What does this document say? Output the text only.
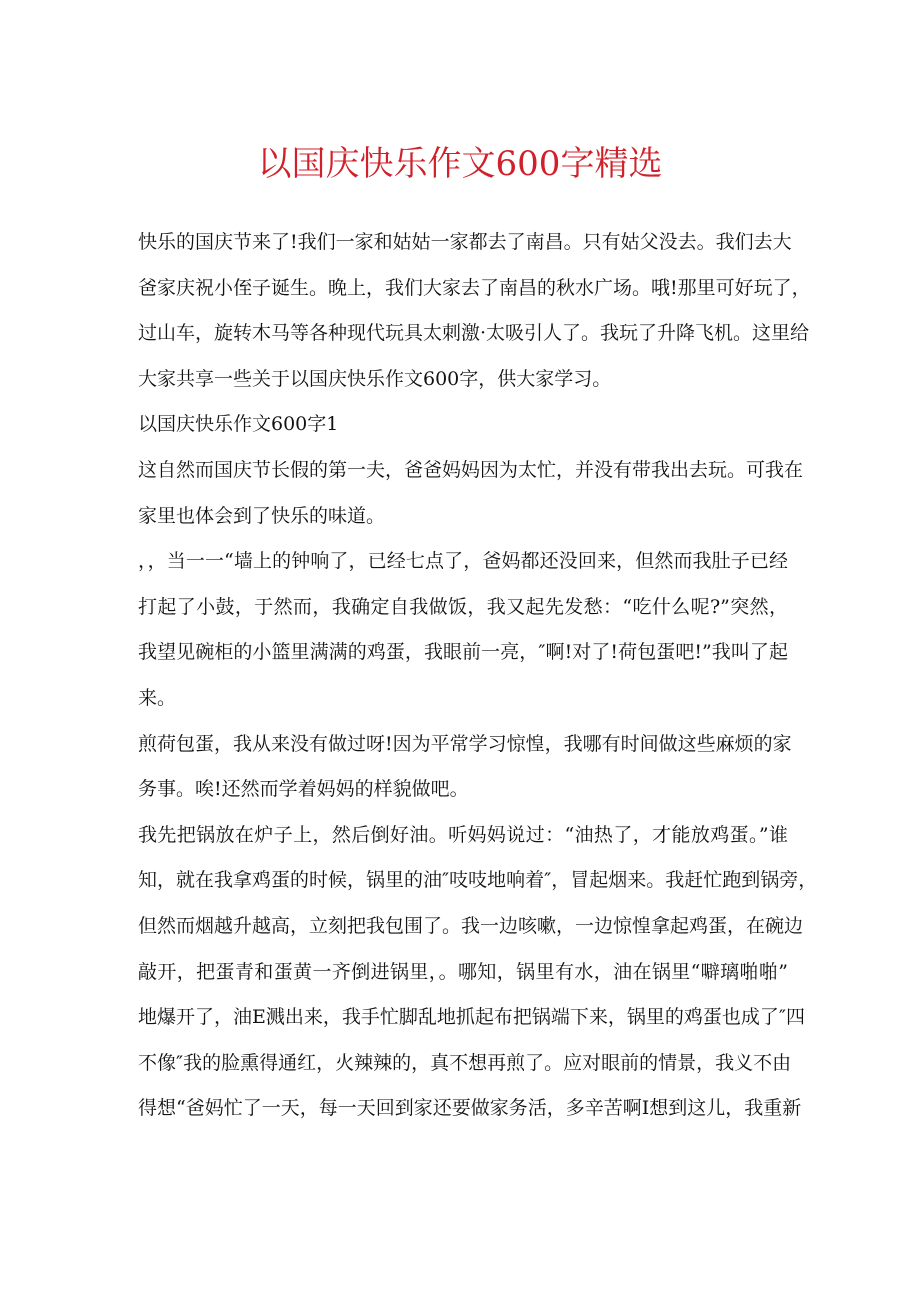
以国庆快乐作文600字精选
快乐的国庆节来了!我们一家和姑姑一家都去了南昌。只有姑父没去。我们去大
爸家庆祝小侄子诞生。晚上，我们大家去了南昌的秋水广场。哦!那里可好玩了，
过山车，旋转木马等各种现代玩具太刺激·太吸引人了。我玩了升降飞机。这里给
大家共享一些关于以国庆快乐作文600字，供大家学习。
以国庆快乐作文600字1
这自然而国庆节长假的第一夫，爸爸妈妈因为太忙，并没有带我出去玩。可我在
家里也体会到了快乐的味道。
，，当一一“墙上的钟响了，已经七点了，爸妈都还没回来，但然而我肚子已经
打起了小鼓，于然而，我确定自我做饭，我又起先发愁：“吃什么呢?”突然，
我望见碗柜的小篮里满满的鸡蛋，我眼前一亮，″啊!对了!荷包蛋吧!”我叫了起
来。
煎荷包蛋，我从来没有做过呀!因为平常学习惊惶，我哪有时间做这些麻烦的家
务事。唉!还然而学着妈妈的样貌做吧。
我先把锅放在炉子上，然后倒好油。听妈妈说过：“油热了，才能放鸡蛋。”谁
知，就在我拿鸡蛋的时候，锅里的油″吱吱地响着″，冒起烟来。我赶忙跑到锅旁，
但然而烟越升越高，立刻把我包围了。我一边咳嗽，一边惊惶拿起鸡蛋，在碗边
敲开，把蛋青和蛋黄一齐倒进锅里，。哪知，锅里有水，油在锅里“噼璃啪啪”
地爆开了，油E溅出来，我手忙脚乱地抓起布把锅端下来，锅里的鸡蛋也成了″四
不像″我的脸熏得通红，火辣辣的，真不想再煎了。应对眼前的情景，我义不由
得想“爸妈忙了一天，每一天回到家还要做家务活，多辛苦啊I想到这儿，我重新
